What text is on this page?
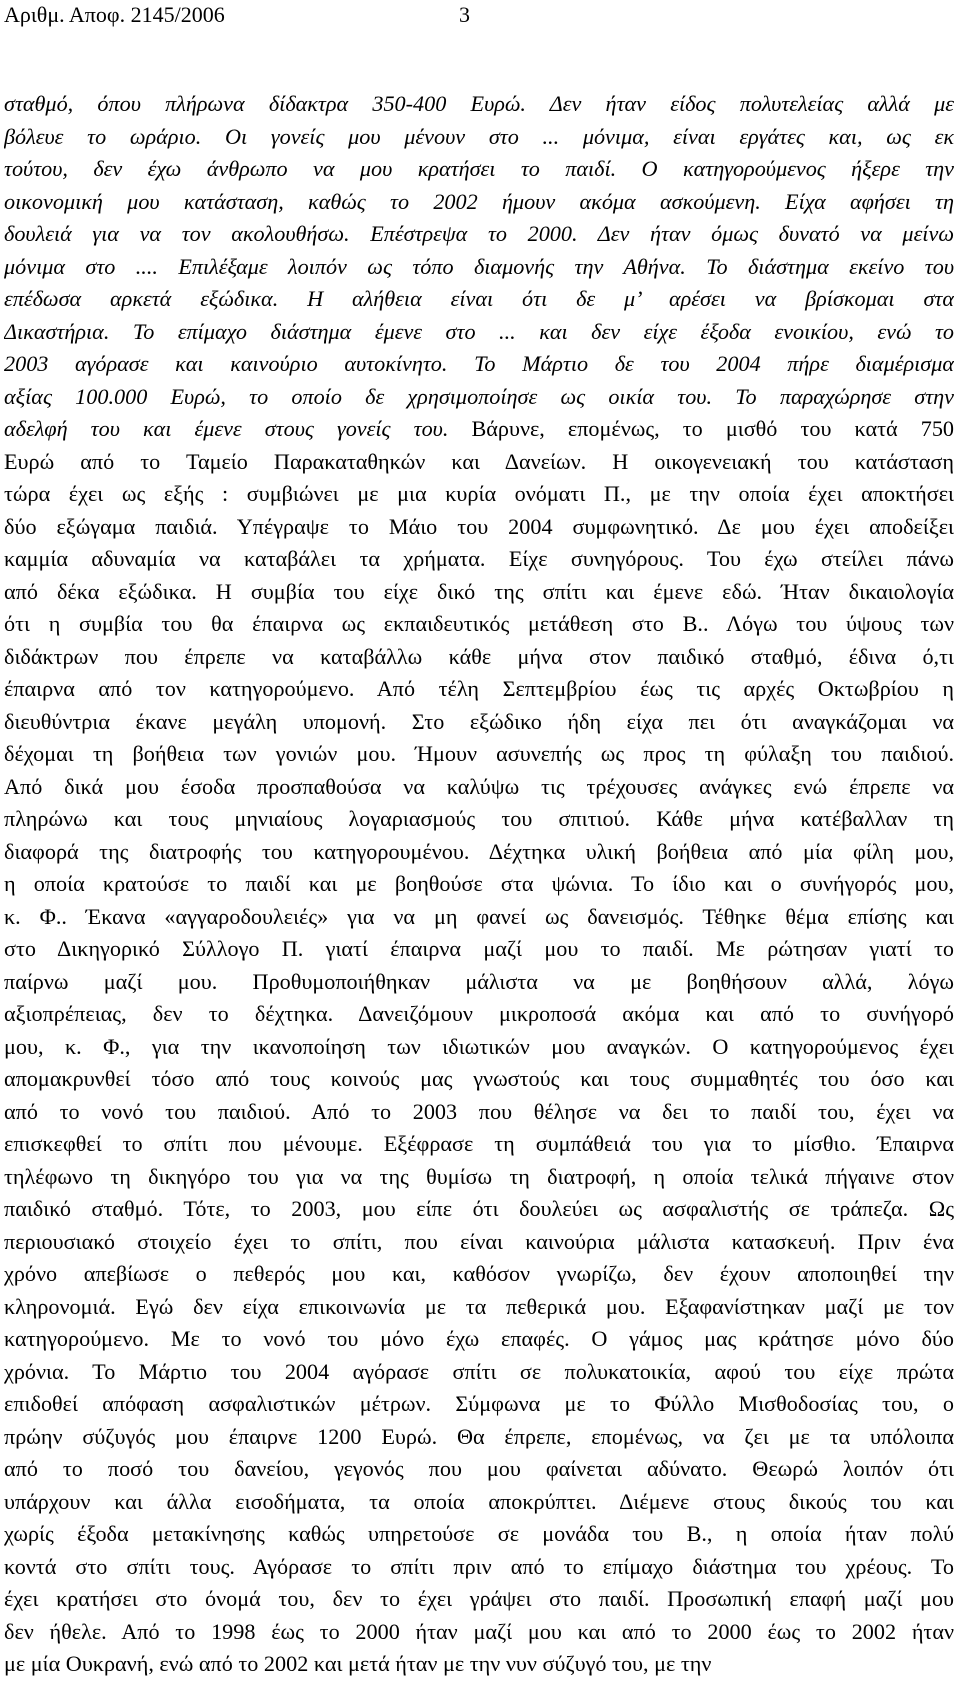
Αριθμ. Αποφ. 2145/2006	3
σταθμό, όπου πλήρωνα δίδακτρα 350-400 Ευρώ. Δεν ήταν είδος πολυτελείας αλλά με
βόλευε το ωράριο. Οι γονείς μου μένουν στο ... μόνιμα, είναι εργάτες και, ως εκ
τούτου, δεν έχω άνθρωπο να μου κρατήσει το παιδί. Ο κατηγορούμενος ήξερε την
οικονομική μου κατάσταση, καθώς το 2002 ήμουν ακόμα ασκούμενη. Είχα αφήσει τη
δουλειά για να τον ακολουθήσω. Επέστρεψα το 2000. Δεν ήταν όμως δυνατό να μείνω
μόνιμα στο .... Επιλέξαμε λοιπόν ως τόπο διαμονής την Αθήνα. Το διάστημα εκείνο του
επέδωσα αρκετά εξώδικα. Η αλήθεια είναι ότι δε μ’ αρέσει να βρίσκομαι στα
Δικαστήρια. Το επίμαχο διάστημα έμενε στο ... και δεν είχε έξοδα ενοικίου, ενώ το
2003 αγόρασε και καινούριο αυτοκίνητο. Το Μάρτιο δε του 2004 πήρε διαμέρισμα
αξίας 100.000 Ευρώ, το οποίο δε χρησιμοποίησε ως οικία του. Το παραχώρησε στην
αδελφή του και έμενε στους γονείς του. Βάρυνε, επομένως, το μισθό του κατά 750
Ευρώ από το Ταμείο Παρακαταθηκών και Δανείων. Η οικογενειακή του κατάσταση
τώρα έχει ως εξής : συμβιώνει με μια κυρία ονόματι Π., με την οποία έχει αποκτήσει
δύο εξώγαμα παιδιά. Υπέγραψε το Μάιο του 2004 συμφωνητικό. Δε μου έχει αποδείξει
καμμία αδυναμία να καταβάλει τα χρήματα. Είχε συνηγόρους. Του έχω στείλει πάνω
από δέκα εξώδικα. Η συμβία του είχε δικό της σπίτι και έμενε εδώ. Ήταν δικαιολογία
ότι η συμβία του θα έπαιρνα ως εκπαιδευτικός μετάθεση στο Β.. Λόγω του ύψους των
διδάκτρων που έπρεπε να καταβάλλω κάθε μήνα στον παιδικό σταθμό, έδινα ό,τι
έπαιρνα από τον κατηγορούμενο. Από τέλη Σεπτεμβρίου έως τις αρχές Οκτωβρίου η
διευθύντρια έκανε μεγάλη υπομονή. Στο εξώδικο ήδη είχα πει ότι αναγκάζομαι να
δέχομαι τη βοήθεια των γονιών μου. Ήμουν ασυνεπής ως προς τη φύλαξη του παιδιού.
Από δικά μου έσοδα προσπαθούσα να καλύψω τις τρέχουσες ανάγκες ενώ έπρεπε να
πληρώνω και τους μηνιαίους λογαριασμούς του σπιτιού. Κάθε μήνα κατέβαλλαν τη
διαφορά της διατροφής του κατηγορουμένου. Δέχτηκα υλική βοήθεια από μία φίλη μου,
η οποία κρατούσε το παιδί και με βοηθούσε στα ψώνια. Το ίδιο και ο συνήγορός μου,
κ. Φ.. Έκανα «αγγαροδουλειές» για να μη φανεί ως δανεισμός. Τέθηκε θέμα επίσης και
στο Δικηγορικό Σύλλογο Π. γιατί έπαιρνα μαζί μου το παιδί. Με ρώτησαν γιατί το
παίρνω μαζί μου. Προθυμοποιήθηκαν μάλιστα να με βοηθήσουν αλλά, λόγω
αξιοπρέπειας, δεν το δέχτηκα. Δανειζόμουν μικροποσά ακόμα και από το συνήγορό
μου, κ. Φ., για την ικανοποίηση των ιδιωτικών μου αναγκών. Ο κατηγορούμενος έχει
απομακρυνθεί τόσο από τους κοινούς μας γνωστούς και τους συμμαθητές του όσο και
από το νονό του παιδιού. Από το 2003 που θέλησε να δει το παιδί του, έχει να
επισκεφθεί το σπίτι που μένουμε. Εξέφρασε τη συμπάθειά του για το μίσθιο. Έπαιρνα
τηλέφωνο τη δικηγόρο του για να της θυμίσω τη διατροφή, η οποία τελικά πήγαινε στον
παιδικό σταθμό. Τότε, το 2003, μου είπε ότι δουλεύει ως ασφαλιστής σε τράπεζα. Ως
περιουσιακό στοιχείο έχει το σπίτι, που είναι καινούρια μάλιστα κατασκευή. Πριν ένα
χρόνο απεβίωσε ο πεθερός μου και, καθόσον γνωρίζω, δεν έχουν αποποιηθεί την
κληρονομιά. Εγώ δεν είχα επικοινωνία με τα πεθερικά μου. Εξαφανίστηκαν μαζί με τον
κατηγορούμενο. Με το νονό του μόνο έχω επαφές. Ο γάμος μας κράτησε μόνο δύο
χρόνια. Το Μάρτιο του 2004 αγόρασε σπίτι σε πολυκατοικία, αφού του είχε πρώτα
επιδοθεί απόφαση ασφαλιστικών μέτρων. Σύμφωνα με το Φύλλο Μισθοδοσίας του, ο
πρώην σύζυγός μου έπαιρνε 1200 Ευρώ. Θα έπρεπε, επομένως, να ζει με τα υπόλοιπα
από το ποσό του δανείου, γεγονός που μου φαίνεται αδύνατο. Θεωρώ λοιπόν ότι
υπάρχουν και άλλα εισοδήματα, τα οποία αποκρύπτει. Διέμενε στους δικούς του και
χωρίς έξοδα μετακίνησης καθώς υπηρετούσε σε μονάδα του Β., η οποία ήταν πολύ
κοντά στο σπίτι τους. Αγόρασε το σπίτι πριν από το επίμαχο διάστημα του χρέους. Το
έχει κρατήσει στο όνομά του, δεν το έχει γράψει στο παιδί. Προσωπική επαφή μαζί μου
δεν ήθελε. Από το 1998 έως το 2000 ήταν μαζί μου και από το 2000 έως το 2002 ήταν
με μία Ουκρανή, ενώ από το 2002 και μετά ήταν με την νυν σύζυγό του, με την
